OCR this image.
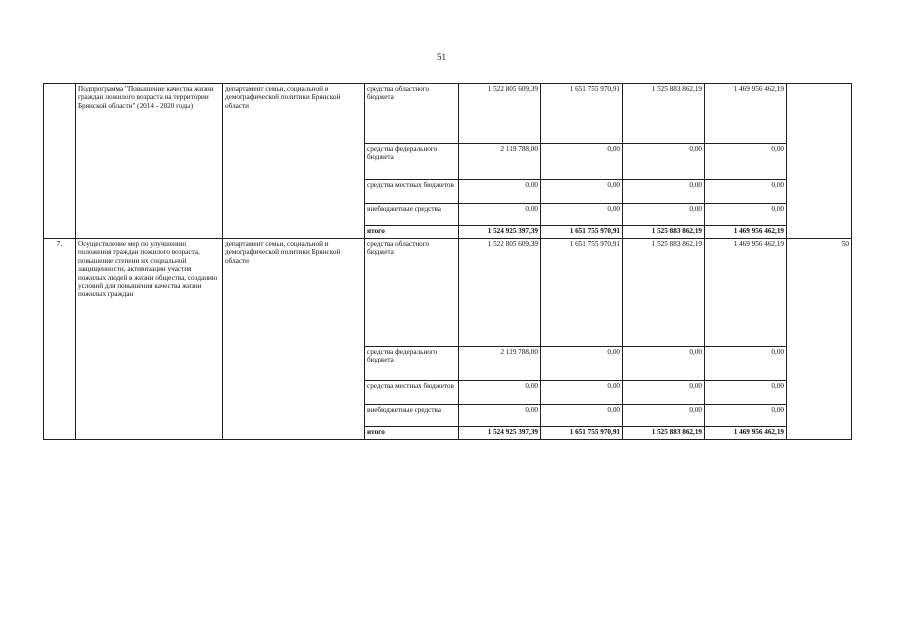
51
	Подпрограмма "Повышение качества жизни граждан пожилого возраста на территории Брянской области" (2014 - 2020 годы)	департамент семьи, социальной и демографической политики Брянской области	средства областного бюджета	1 522 805 609,39	1 651 755 970,91	1 525 883 862,19	1 469 956 462,19	
			средства федерального бюджета	2 119 788,00	0,00	0,00	0,00	
			средства местных бюджетов	0,00	0,00	0,00	0,00	
			внебюджетные средства	0,00	0,00	0,00	0,00	
			итого	1 524 925 397,39	1 651 755 970,91	1 525 883 862,19	1 469 956 462,19	
7.	Осуществление мер по улучшению положения граждан пожилого возраста, повышение степени их социальной защищенности, активизации участия пожилых людей в жизни общества, созданию условий для повышения качества жизни пожилых граждан	департамент семьи, социальной и демографической политики Брянской области	средства областного бюджета	1 522 805 609,39	1 651 755 970,91	1 525 883 862,19	1 469 956 462,19	50
			средства федерального бюджета	2 119 788,00	0,00	0,00	0,00	
			средства местных бюджетов	0,00	0,00	0,00	0,00	
			внебюджетные средства	0,00	0,00	0,00	0,00	
			итого	1 524 925 397,39	1 651 755 970,91	1 525 883 862,19	1 469 956 462,19	
